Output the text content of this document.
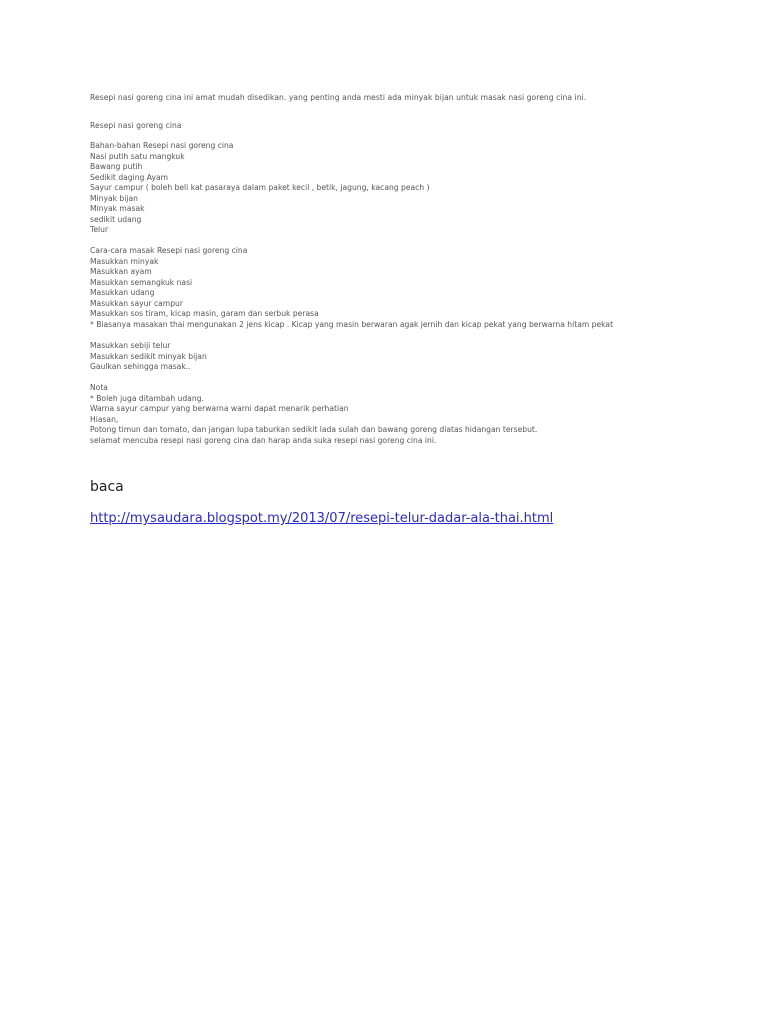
Resepi nasi goreng cina ini amat mudah disedikan. yang penting anda mesti ada minyak bijan untuk masak nasi goreng cina ini.
Resepi nasi goreng cina
Bahan-bahan Resepi nasi goreng cina
Nasi putih satu mangkuk
Bawang putih
Sedikit daging Ayam
Sayur campur ( boleh beli kat pasaraya dalam paket kecil , betik, jagung, kacang peach )
Minyak bijan
Minyak masak
sedikit udang
Telur
Cara-cara masak Resepi nasi goreng cina
Masukkan minyak
Masukkan ayam
Masukkan semangkuk nasi
Masukkan udang
Masukkan sayur campur
Masukkan sos tiram, kicap masin, garam dan serbuk perasa
* Biasanya masakan thai mengunakan 2 jens kicap . Kicap yang masin berwaran agak jernih dan kicap pekat yang berwarna hitam pekat
Masukkan sebiji telur
Masukkan sedikit minyak bijan
Gaulkan sehingga masak..
Nota
* Boleh juga ditambah udang.
Warna sayur campur yang berwarna warni dapat menarik perhatian
Hiasan,
Potong timun dan tomato, dan jangan lupa taburkan sedikit lada sulah dan bawang goreng diatas hidangan tersebut.
selamat mencuba resepi nasi goreng cina dan harap anda suka resepi nasi goreng cina ini.
baca
http://mysaudara.blogspot.my/2013/07/resepi-telur-dadar-ala-thai.html
